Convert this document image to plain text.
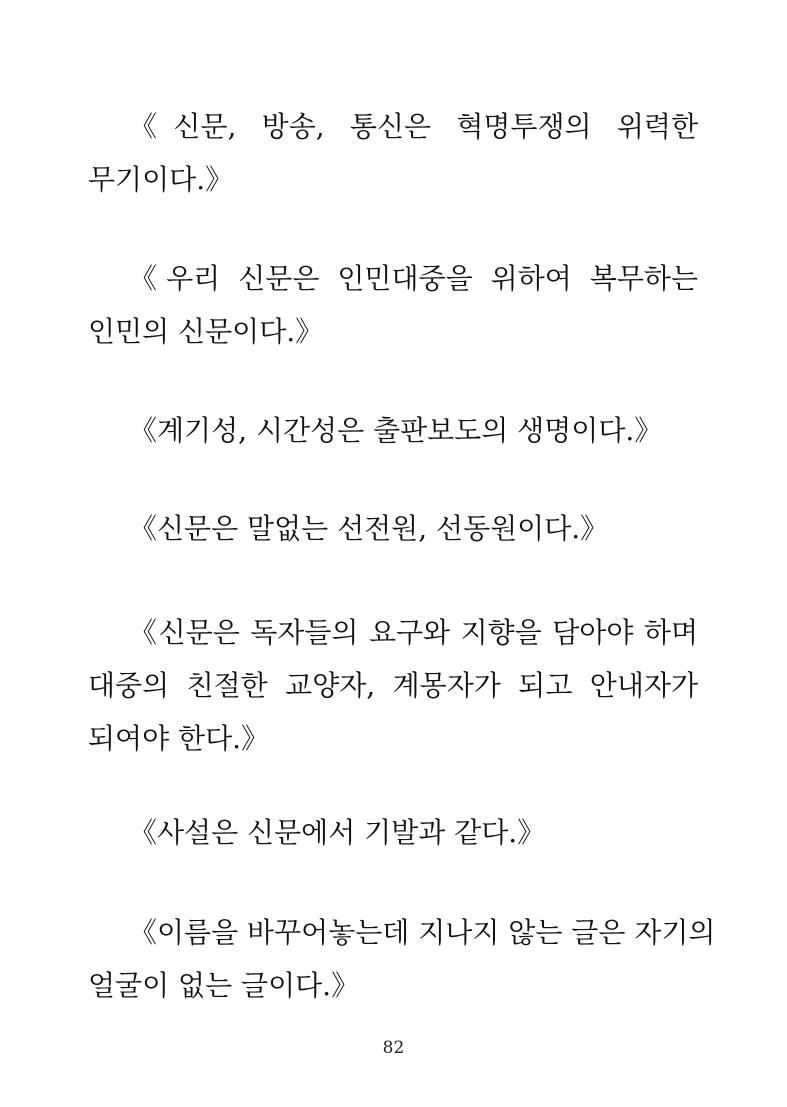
《신문, 방송, 통신은 혁명투쟁의 위력한
무기이다.》

《우리 신문은 인민대중을 위하여 복무하는
인민의 신문이다.》

《계기성, 시간성은 출판보도의 생명이다.》

《신문은 말없는 선전원, 선동원이다.》

《신문은 독자들의 요구와 지향을 담아야 하며
대중의 친절한 교양자, 계몽자가 되고 안내자가
되여야 한다.》

《사설은 신문에서 기발과 같다.》

《이름을 바꾸어놓는데 지나지 않는 글은 자기의
얼굴이 없는 글이다.》

82
